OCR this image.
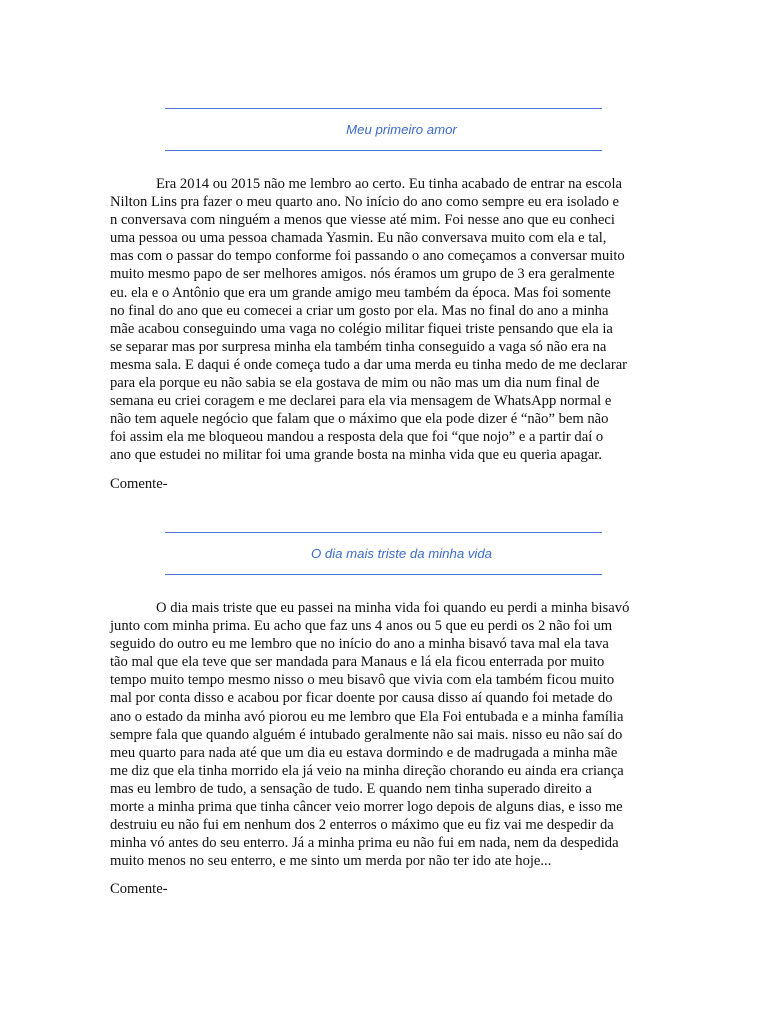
Meu primeiro amor

Era 2014 ou 2015 não me lembro ao certo. Eu tinha acabado de entrar na escola
Nilton Lins pra fazer o meu quarto ano. No início do ano como sempre eu era isolado e
n conversava com ninguém a menos que viesse até mim. Foi nesse ano que eu conheci
uma pessoa ou uma pessoa chamada Yasmin. Eu não conversava muito com ela e tal,
mas com o passar do tempo conforme foi passando o ano começamos a conversar muito
muito mesmo papo de ser melhores amigos. nós éramos um grupo de 3 era geralmente
eu. ela e o Antônio que era um grande amigo meu também da época. Mas foi somente
no final do ano que eu comecei a criar um gosto por ela. Mas no final do ano a minha
mãe acabou conseguindo uma vaga no colégio militar fiquei triste pensando que ela ia
se separar mas por surpresa minha ela também tinha conseguido a vaga só não era na
mesma sala. E daqui é onde começa tudo a dar uma merda eu tinha medo de me declarar
para ela porque eu não sabia se ela gostava de mim ou não mas um dia num final de
semana eu criei coragem e me declarei para ela via mensagem de WhatsApp normal e
não tem aquele negócio que falam que o máximo que ela pode dizer é “não” bem não
foi assim ela me bloqueou mandou a resposta dela que foi “que nojo” e a partir daí o
ano que estudei no militar foi uma grande bosta na minha vida que eu queria apagar.

Comente-

O dia mais triste da minha vida

O dia mais triste que eu passei na minha vida foi quando eu perdi a minha bisavó
junto com minha prima. Eu acho que faz uns 4 anos ou 5 que eu perdi os 2 não foi um
seguido do outro eu me lembro que no início do ano a minha bisavó tava mal ela tava
tão mal que ela teve que ser mandada para Manaus e lá ela ficou enterrada por muito
tempo muito tempo mesmo nisso o meu bisavô que vivia com ela também ficou muito
mal por conta disso e acabou por ficar doente por causa disso aí quando foi metade do
ano o estado da minha avó piorou eu me lembro que Ela Foi entubada e a minha família
sempre fala que quando alguém é intubado geralmente não sai mais. nisso eu não saí do
meu quarto para nada até que um dia eu estava dormindo e de madrugada a minha mãe
me diz que ela tinha morrido ela já veio na minha direção chorando eu ainda era criança
mas eu lembro de tudo, a sensação de tudo. E quando nem tinha superado direito a
morte a minha prima que tinha câncer veio morrer logo depois de alguns dias, e isso me
destruiu eu não fui em nenhum dos 2 enterros o máximo que eu fiz vai me despedir da
minha vó antes do seu enterro. Já a minha prima eu não fui em nada, nem da despedida
muito menos no seu enterro, e me sinto um merda por não ter ido ate hoje...

Comente-
